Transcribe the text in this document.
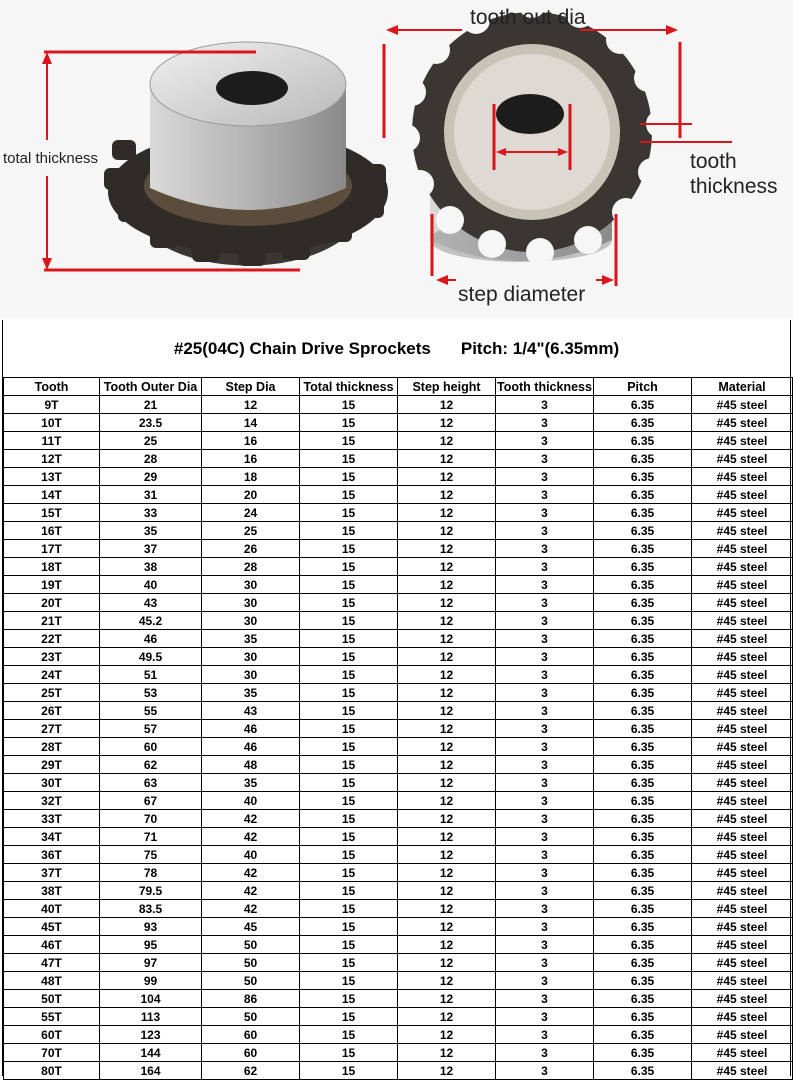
total thickness
tooth out dia
tooth
thickness
step diameter
#25(04C) Chain Drive Sprockets Pitch: 1/4"(6.35mm)
Tooth	Tooth Outer Dia	Step Dia	Total thickness	Step height	Tooth thickness	Pitch	Material
9T	21	12	15	12	3	6.35	#45 steel
10T	23.5	14	15	12	3	6.35	#45 steel
11T	25	16	15	12	3	6.35	#45 steel
12T	28	16	15	12	3	6.35	#45 steel
13T	29	18	15	12	3	6.35	#45 steel
14T	31	20	15	12	3	6.35	#45 steel
15T	33	24	15	12	3	6.35	#45 steel
16T	35	25	15	12	3	6.35	#45 steel
17T	37	26	15	12	3	6.35	#45 steel
18T	38	28	15	12	3	6.35	#45 steel
19T	40	30	15	12	3	6.35	#45 steel
20T	43	30	15	12	3	6.35	#45 steel
21T	45.2	30	15	12	3	6.35	#45 steel
22T	46	35	15	12	3	6.35	#45 steel
23T	49.5	30	15	12	3	6.35	#45 steel
24T	51	30	15	12	3	6.35	#45 steel
25T	53	35	15	12	3	6.35	#45 steel
26T	55	43	15	12	3	6.35	#45 steel
27T	57	46	15	12	3	6.35	#45 steel
28T	60	46	15	12	3	6.35	#45 steel
29T	62	48	15	12	3	6.35	#45 steel
30T	63	35	15	12	3	6.35	#45 steel
32T	67	40	15	12	3	6.35	#45 steel
33T	70	42	15	12	3	6.35	#45 steel
34T	71	42	15	12	3	6.35	#45 steel
36T	75	40	15	12	3	6.35	#45 steel
37T	78	42	15	12	3	6.35	#45 steel
38T	79.5	42	15	12	3	6.35	#45 steel
40T	83.5	42	15	12	3	6.35	#45 steel
45T	93	45	15	12	3	6.35	#45 steel
46T	95	50	15	12	3	6.35	#45 steel
47T	97	50	15	12	3	6.35	#45 steel
48T	99	50	15	12	3	6.35	#45 steel
50T	104	86	15	12	3	6.35	#45 steel
55T	113	50	15	12	3	6.35	#45 steel
60T	123	60	15	12	3	6.35	#45 steel
70T	144	60	15	12	3	6.35	#45 steel
80T	164	62	15	12	3	6.35	#45 steel
